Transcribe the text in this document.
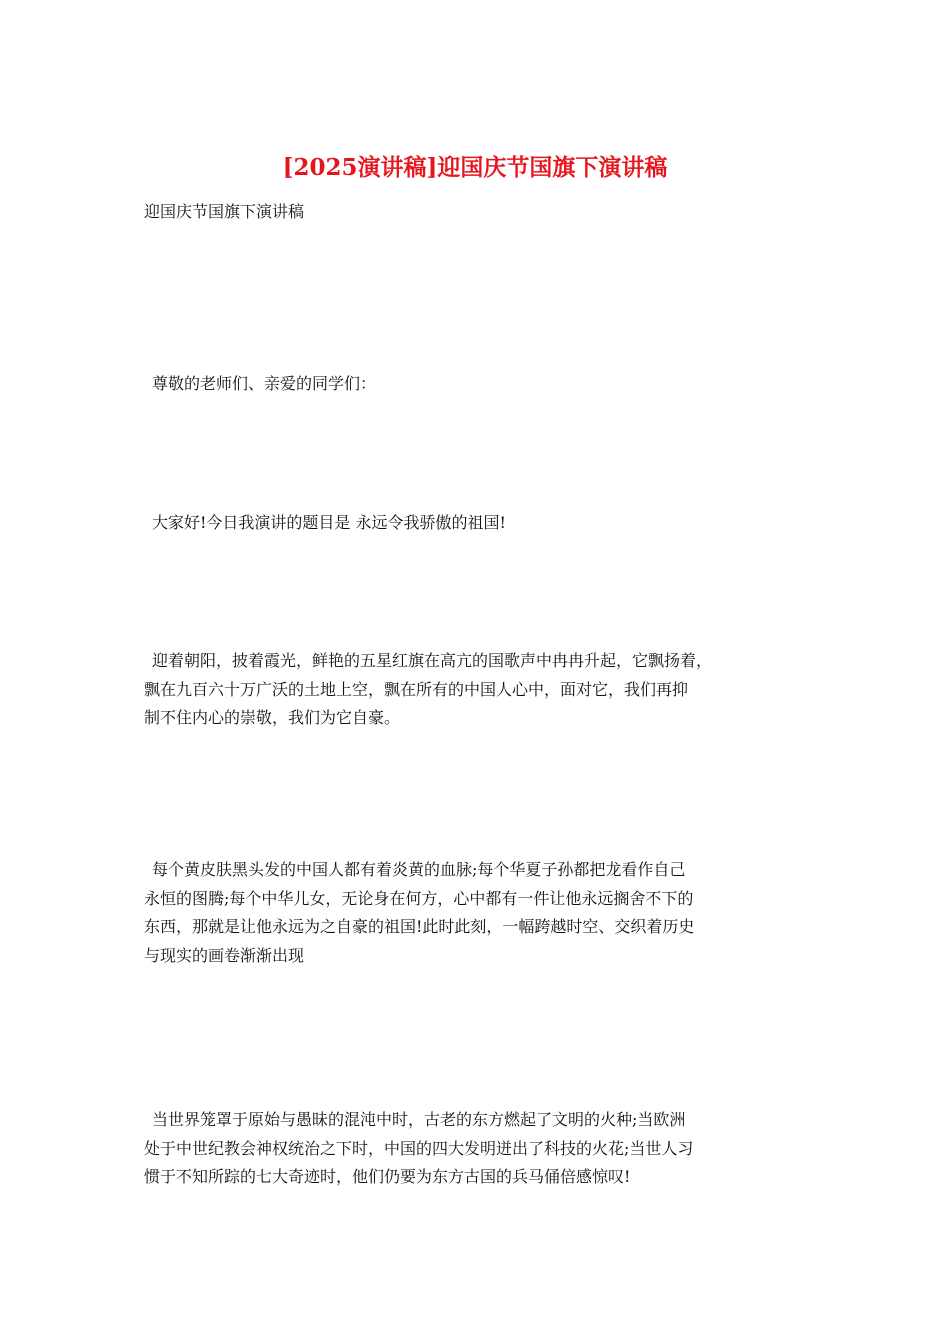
[2025演讲稿]迎国庆节国旗下演讲稿

迎国庆节国旗下演讲稿

尊敬的老师们、亲爱的同学们：

大家好!今日我演讲的题目是 永远令我骄傲的祖国!

迎着朝阳，披着霞光，鲜艳的五星红旗在高亢的国歌声中冉冉升起，它飘扬着，
飘在九百六十万广沃的土地上空，飘在所有的中国人心中，面对它，我们再抑
制不住内心的崇敬，我们为它自豪。

每个黄皮肤黑头发的中国人都有着炎黄的血脉;每个华夏子孙都把龙看作自己
永恒的图腾;每个中华儿女，无论身在何方，心中都有一件让他永远搁舍不下的
东西，那就是让他永远为之自豪的祖国!此时此刻，一幅跨越时空、交织着历史
与现实的画卷渐渐出现

当世界笼罩于原始与愚昧的混沌中时，古老的东方燃起了文明的火种;当欧洲
处于中世纪教会神权统治之下时，中国的四大发明迸出了科技的火花;当世人习
惯于不知所踪的七大奇迹时，他们仍要为东方古国的兵马俑倍感惊叹!
